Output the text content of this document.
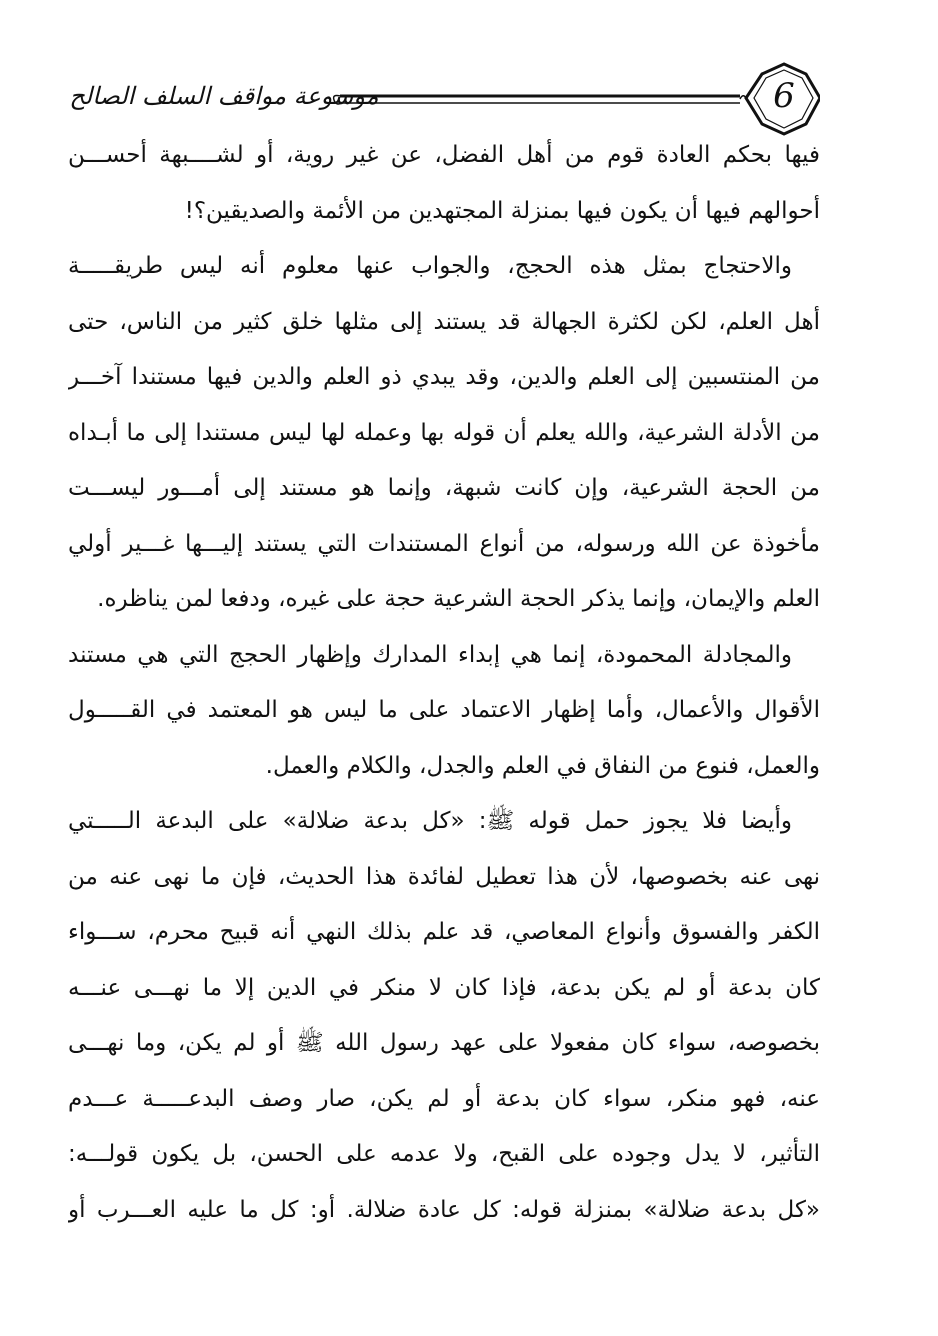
موسوعة مواقف السلف الصالح	6
فيها بحكم العادة قوم من أهل الفضل، عن غير روية، أو لشــــبهة أحســـن
أحوالهم فيها أن يكون فيها بمنزلة المجتهدين من الأئمة والصديقين؟!
والاحتجاج بمثل هذه الحجج، والجواب عنها معلوم أنه ليس طريقـــــة
أهل العلم، لكن لكثرة الجهالة قد يستند إلى مثلها خلق كثير من الناس، حتى
من المنتسبين إلى العلم والدين، وقد يبدي ذو العلم والدين فيها مستندا آخـــر
من الأدلة الشرعية، والله يعلم أن قوله بها وعمله لها ليس مستندا إلى ما أبـداه
من الحجة الشرعية، وإن كانت شبهة، وإنما هو مستند إلى أمـــور ليســـت
مأخوذة عن الله ورسوله، من أنواع المستندات التي يستند إليـــها غـــير أولي
العلم والإيمان، وإنما يذكر الحجة الشرعية حجة على غيره، ودفعا لمن يناظره.
والمجادلة المحمودة، إنما هي إبداء المدارك وإظهار الحجج التي هي مستند
الأقوال والأعمال، وأما إظهار الاعتماد على ما ليس هو المعتمد في القـــــول
والعمل، فنوع من النفاق في العلم والجدل، والكلام والعمل.
وأيضا فلا يجوز حمل قوله ﷺ: «كل بدعة ضلالة» على البدعة الـــــتي
نهى عنه بخصوصها، لأن هذا تعطيل لفائدة هذا الحديث، فإن ما نهى عنه من
الكفر والفسوق وأنواع المعاصي، قد علم بذلك النهي أنه قبيح محرم، ســـواء
كان بدعة أو لم يكن بدعة، فإذا كان لا منكر في الدين إلا ما نهـــى عنـــه
بخصوصه، سواء كان مفعولا على عهد رسول الله ﷺ أو لم يكن، وما نهـــى
عنه، فهو منكر، سواء كان بدعة أو لم يكن، صار وصف البدعـــــة عـــدم
التأثير، لا يدل وجوده على القبح، ولا عدمه على الحسن، بل يكون قولـــه:
«كل بدعة ضلالة» بمنزلة قوله: كل عادة ضلالة. أو: كل ما عليه العـــرب أو
